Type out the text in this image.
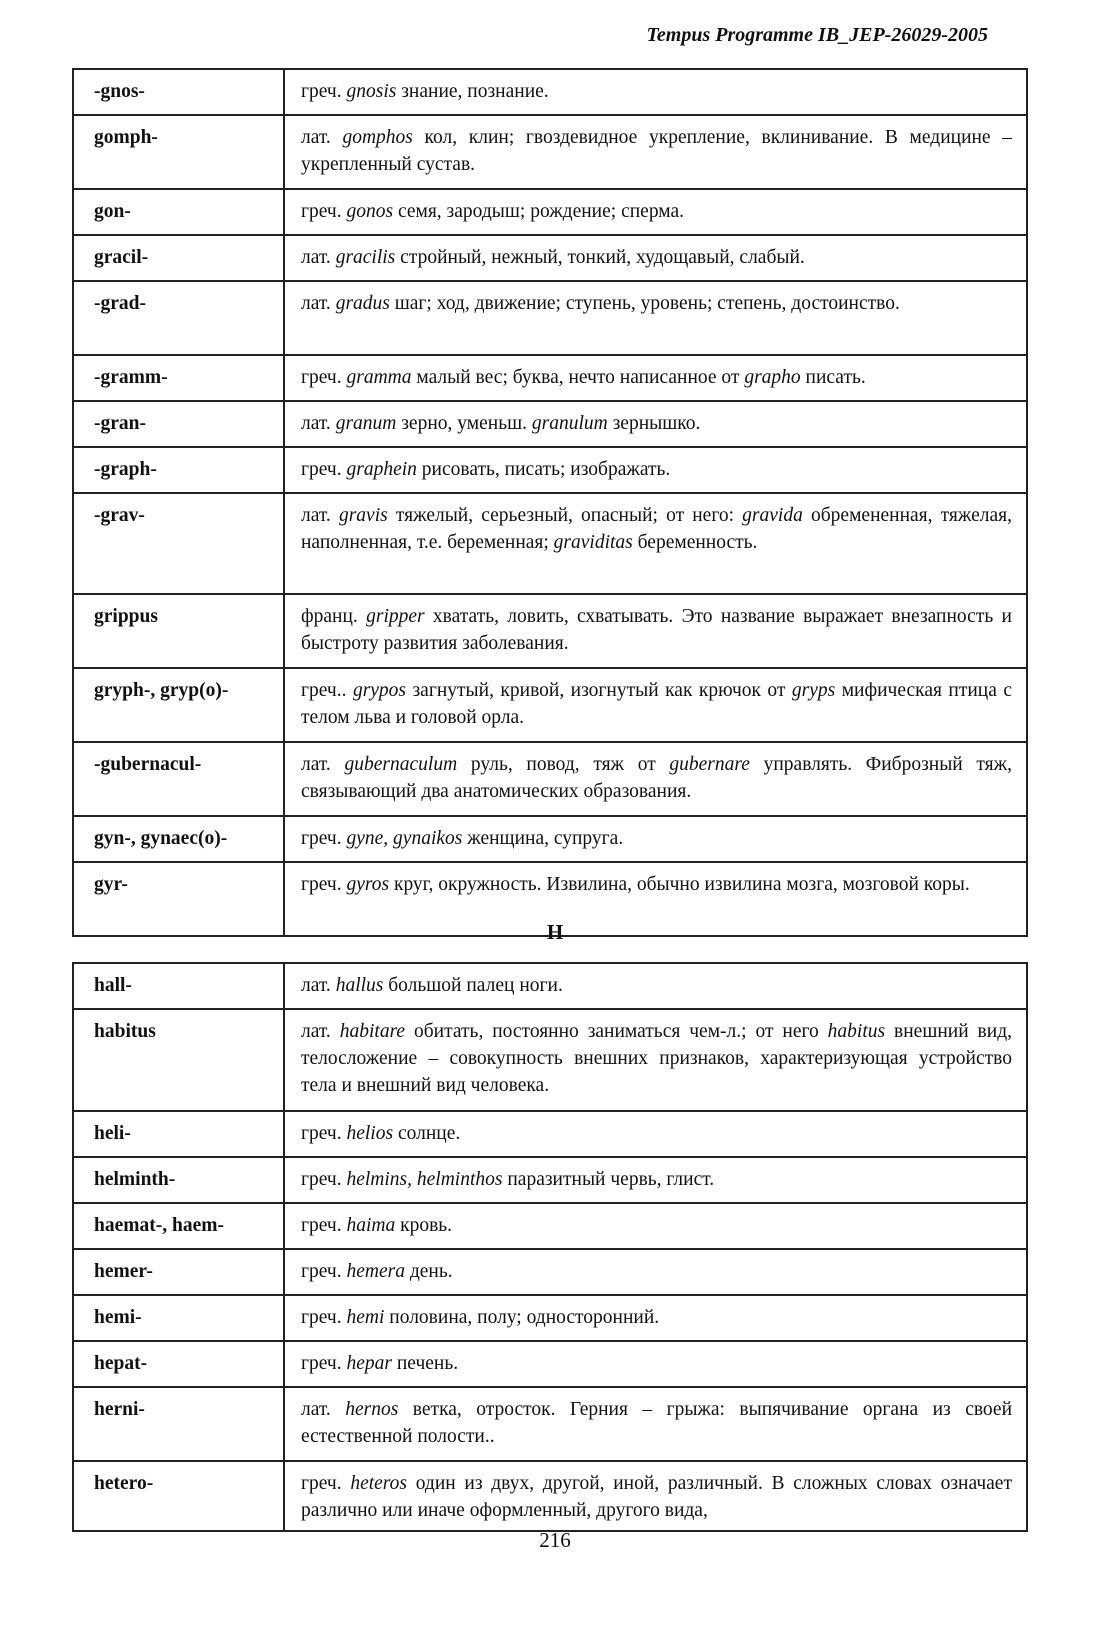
Tempus Programme IB_JEP-26029-2005
-gnos-	греч. gnosis знание, познание.
gomph-	лат. gomphos кол, клин; гвоздевидное укрепление, вклинивание. В медицине – укрепленный сустав.
gon-	греч. gonos семя, зародыш; рождение; сперма.
gracil-	лат. gracilis стройный, нежный, тонкий, худощавый, слабый.
-grad-	лат. gradus шаг; ход, движение; ступень, уровень; степень, достоинство.
-gramm-	греч. gramma малый вес; буква, нечто написанное от grapho писать.
-gran-	лат. granum зерно, уменьш. granulum зернышко.
-graph-	греч. graphein рисовать, писать; изображать.
-grav-	лат. gravis тяжелый, серьезный, опасный; от него: gravida обремененная, тяжелая, наполненная, т.е. беременная; graviditas беременность.
grippus	франц. gripper хватать, ловить, схватывать. Это название выражает внезапность и быстроту развития заболевания.
gryph-, gryp(o)-	греч.. grypos загнутый, кривой, изогнутый как крючок от gryps мифическая птица с телом льва и головой орла.
-gubernacul-	лат. gubernaculum руль, повод, тяж от gubernare управлять. Фиброзный тяж, связывающий два анатомических образования.
gyn-, gynaec(o)-	греч. gyne, gynaikos женщина, супруга.
gyr-	греч. gyros круг, окружность. Извилина, обычно извилина мозга, мозговой коры.
H
hall-	лат. hallus большой палец ноги.
habitus	лат. habitare обитать, постоянно заниматься чем-л.; от него habitus внешний вид, телосложение – совокупность внешних признаков, характеризующая устройство тела и внешний вид человека.
heli-	греч. helios солнце.
helminth-	греч. helmins, helminthos паразитный червь, глист.
haemat-, haem-	греч. haima кровь.
hemer-	греч. hemera день.
hemi-	греч. hemi половина, полу; односторонний.
hepat-	греч. hepar печень.
herni-	лат. hernos ветка, отросток. Герния – грыжа: выпячивание органа из своей естественной полости..
hetero-	греч. heteros один из двух, другой, иной, различный. В сложных словах означает различно или иначе оформленный, другого вида,
216
